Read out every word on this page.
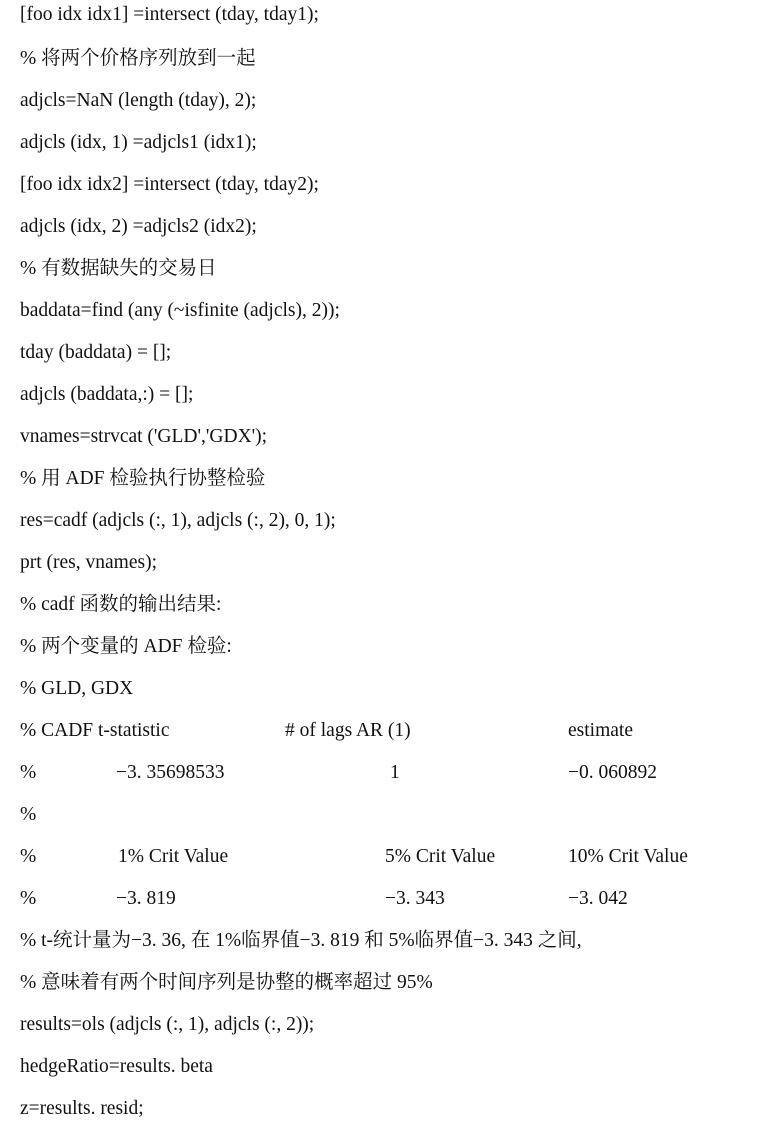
[foo idx idx1] =intersect (tday, tday1);
% 将两个价格序列放到一起
adjcls=NaN (length (tday), 2);
adjcls (idx, 1) =adjcls1 (idx1);
[foo idx idx2] =intersect (tday, tday2);
adjcls (idx, 2) =adjcls2 (idx2);
% 有数据缺失的交易日
baddata=find (any (~isfinite (adjcls), 2));
tday (baddata) = [];
adjcls (baddata,:) = [];
vnames=strvcat ('GLD','GDX');
% 用 ADF 检验执行协整检验
res=cadf (adjcls (:, 1), adjcls (:, 2), 0, 1);
prt (res, vnames);
% cadf 函数的输出结果:
% 两个变量的 ADF 检验:
% GLD, GDX
% CADF t-statistic	# of lags AR (1)	estimate
%	−3. 35698533	1	−0. 060892
%
%	1% Crit Value	5% Crit Value	10% Crit Value
%	−3. 819	−3. 343	−3. 042
% t-统计量为−3. 36, 在 1%临界值−3. 819 和 5%临界值−3. 343 之间,
% 意味着有两个时间序列是协整的概率超过 95%
results=ols (adjcls (:, 1), adjcls (:, 2));
hedgeRatio=results. beta
z=results. resid;
